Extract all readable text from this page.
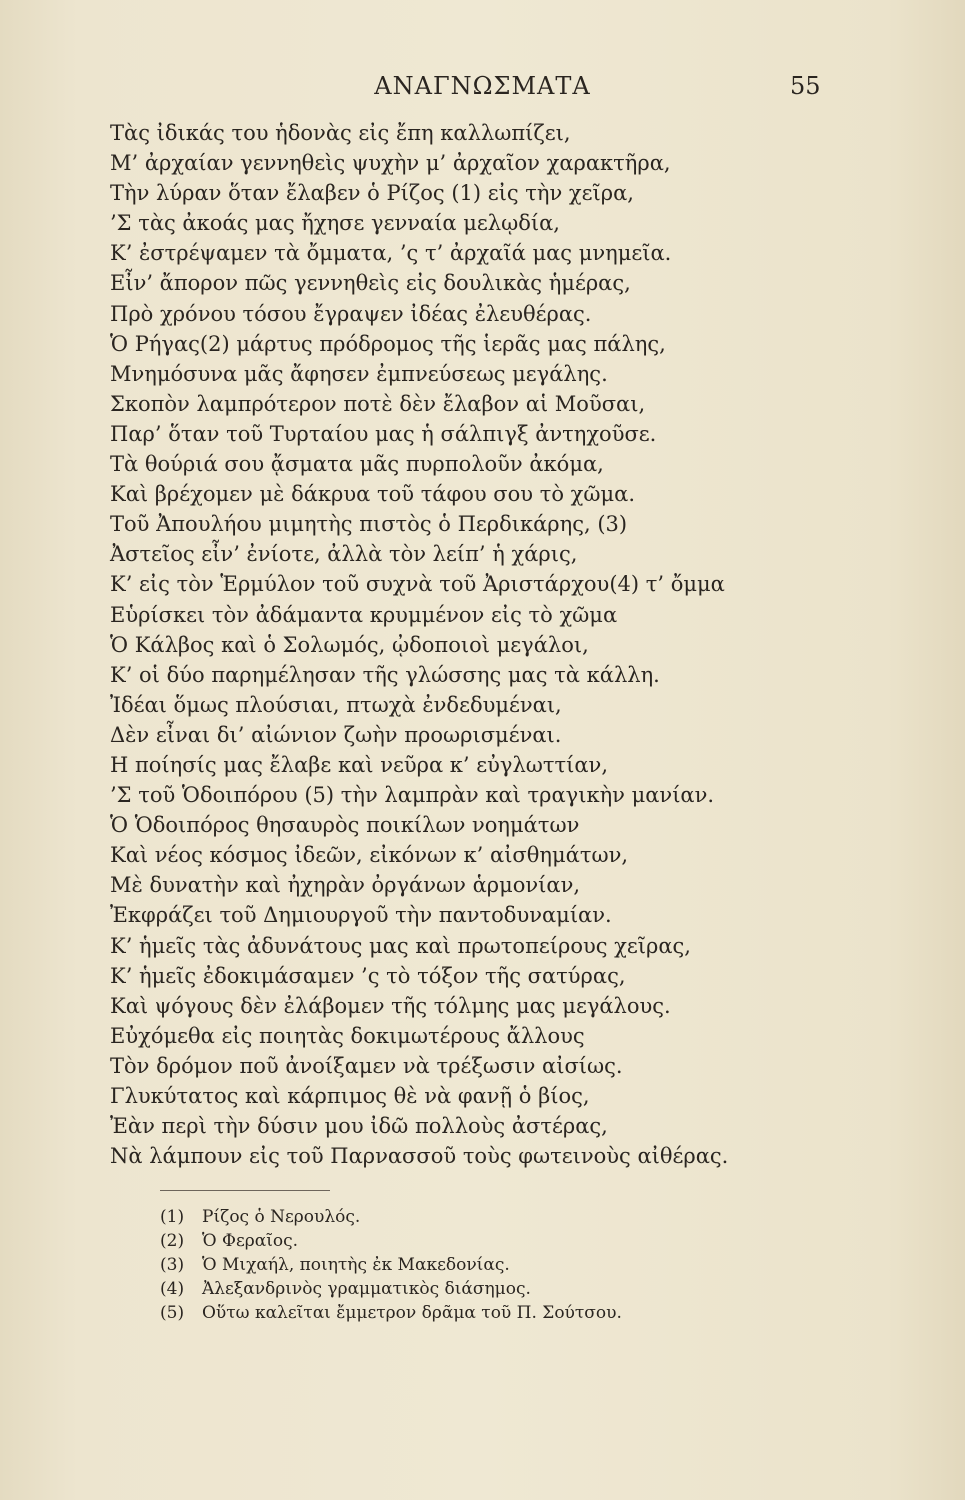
ΑΝΑΓΝΩΣΜΑΤΑ	55
Τὰς ἰδικάς του ἡδονὰς εἰς ἔπη καλλωπίζει,
Μ’ ἀρχαίαν γεννηθεὶς ψυχὴν μ’ ἀρχαῖον χαρακτῆρα,
Τὴν λύραν ὅταν ἔλαβεν ὁ Ρίζος (1) εἰς τὴν χεῖρα,
’Σ τὰς ἀκοάς μας ἤχησε γενναία μελῳδία,
Κ’ ἐστρέψαμεν τὰ ὄμματα, ’ς τ’ ἀρχαῖά μας μνημεῖα.
Εἶν’ ἄπορον πῶς γεννηθεὶς εἰς δουλικὰς ἡμέρας,
Πρὸ χρόνου τόσου ἔγραψεν ἰδέας ἐλευθέρας.
Ὁ Ρήγας(2) μάρτυς πρόδρομος τῆς ἱερᾶς μας πάλης,
Μνημόσυνα μᾶς ἄφησεν ἐμπνεύσεως μεγάλης.
Σκοπὸν λαμπρότερον ποτὲ δὲν ἔλαβον αἱ Μοῦσαι,
Παρ’ ὅταν τοῦ Τυρταίου μας ἡ σάλπιγξ ἀντηχοῦσε.
Τὰ θούριά σου ᾄσματα μᾶς πυρπολοῦν ἀκόμα,
Καὶ βρέχομεν μὲ δάκρυα τοῦ τάφου σου τὸ χῶμα.
Τοῦ Ἀπουλήου μιμητὴς πιστὸς ὁ Περδικάρης, (3)
Ἀστεῖος εἶν’ ἐνίοτε, ἀλλὰ τὸν λείπ’ ἡ χάρις,
Κ’ εἰς τὸν Ἑρμύλον τοῦ συχνὰ τοῦ Ἀριστάρχου(4) τ’ ὄμμα
Εὑρίσκει τὸν ἀδάμαντα κρυμμένον εἰς τὸ χῶμα
Ὁ Κάλβος καὶ ὁ Σολωμός, ᾠδοποιοὶ μεγάλοι,
Κ’ οἱ δύο παρημέλησαν τῆς γλώσσης μας τὰ κάλλη.
Ἰδέαι ὅμως πλούσιαι, πτωχὰ ἐνδεδυμέναι,
Δὲν εἶναι δι’ αἰώνιον ζωὴν προωρισμέναι.
Η ποίησίς μας ἔλαβε καὶ νεῦρα κ’ εὐγλωττίαν,
’Σ τοῦ Ὁδοιπόρου (5) τὴν λαμπρὰν καὶ τραγικὴν μανίαν.
Ὁ Ὁδοιπόρος θησαυρὸς ποικίλων νοημάτων
Καὶ νέος κόσμος ἰδεῶν, εἰκόνων κ’ αἰσθημάτων,
Μὲ δυνατὴν καὶ ἠχηρὰν ὀργάνων ἁρμονίαν,
Ἐκφράζει τοῦ Δημιουργοῦ τὴν παντοδυναμίαν.
Κ’ ἡμεῖς τὰς ἀδυνάτους μας καὶ πρωτοπείρους χεῖρας,
Κ’ ἡμεῖς ἐδοκιμάσαμεν ’ς τὸ τόξον τῆς σατύρας,
Καὶ ψόγους δὲν ἐλάβομεν τῆς τόλμης μας μεγάλους.
Εὐχόμεθα εἰς ποιητὰς δοκιμωτέρους ἄλλους
Τὸν δρόμον ποῦ ἀνοίξαμεν νὰ τρέξωσιν αἰσίως.
Γλυκύτατος καὶ κάρπιμος θὲ νὰ φανῇ ὁ βίος,
Ἐὰν περὶ τὴν δύσιν μου ἰδῶ πολλοὺς ἀστέρας,
Νὰ λάμπουν εἰς τοῦ Παρνασσοῦ τοὺς φωτεινοὺς αἰθέρας.
(1) Ρίζος ὁ Νερουλός.
(2) Ὁ Φεραῖος.
(3) Ὁ Μιχαήλ, ποιητὴς ἐκ Μακεδονίας.
(4) Ἀλεξανδρινὸς γραμματικὸς διάσημος.
(5) Οὕτω καλεῖται ἔμμετρον δρᾶμα τοῦ Π. Σούτσου.
